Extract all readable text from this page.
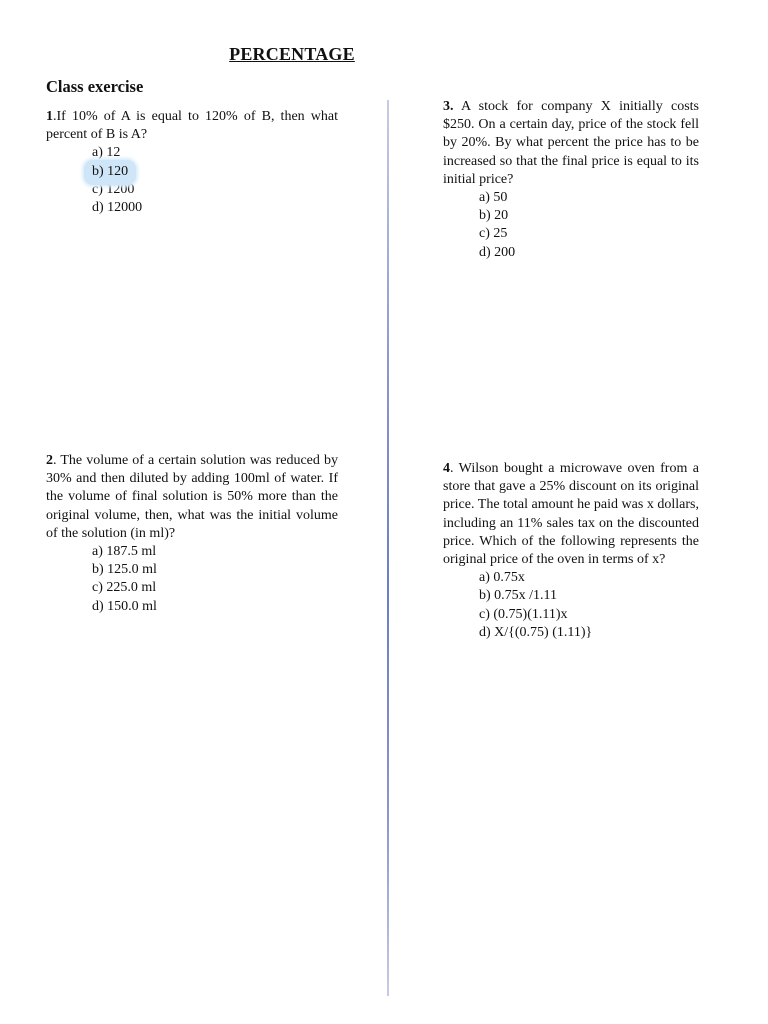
PERCENTAGE
Class exercise
1.If 10% of A is equal to 120% of B, then what percent of B is A?
a) 12
b) 120
c) 1200
d) 12000
2. The volume of a certain solution was reduced by 30% and then diluted by adding 100ml of water. If the volume of final solution is 50% more than the original volume, then, what was the initial volume of the solution (in ml)?
a) 187.5 ml
b) 125.0 ml
c) 225.0 ml
d) 150.0 ml
3. A stock for company X initially costs $250. On a certain day, price of the stock fell by 20%. By what percent the price has to be increased so that the final price is equal to its initial price?
a) 50
b) 20
c) 25
d) 200
4. Wilson bought a microwave oven from a store that gave a 25% discount on its original price. The total amount he paid was x dollars, including an 11% sales tax on the discounted price. Which of the following represents the original price of the oven in terms of x?
a) 0.75x
b) 0.75x /1.11
c) (0.75)(1.11)x
d) X/{(0.75) (1.11)}
